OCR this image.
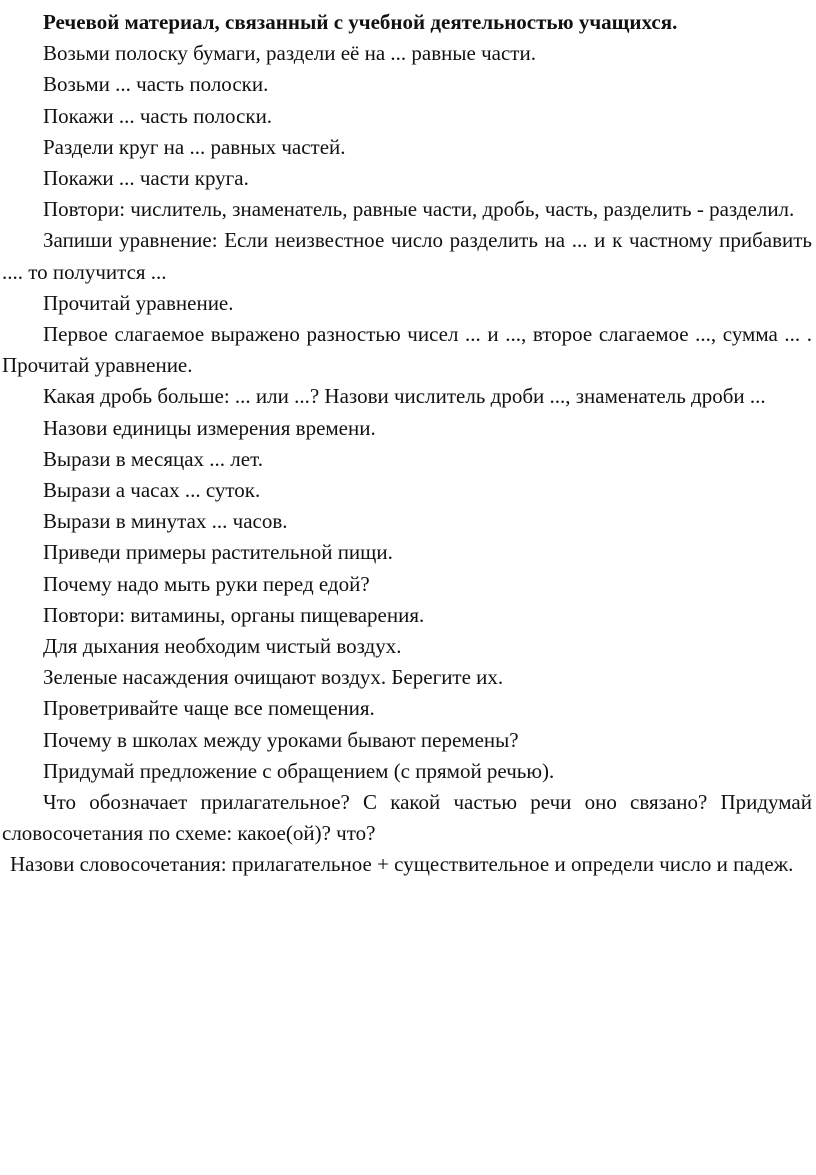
Речевой материал, связанный с учебной деятельностью учащихся.

Возьми полоску бумаги, раздели её на ... равные части.

Возьми ... часть полоски.

Покажи ... часть полоски.

Раздели круг на ... равных частей.

Покажи ... части круга.

Повтори: числитель, знаменатель, равные части, дробь, часть, разделить - разделил.

Запиши уравнение: Если неизвестное число разделить на ... и к частному прибавить .... то получится ...

Прочитай уравнение.

Первое слагаемое выражено разностью чисел ... и ..., второе слагаемое ..., сумма ... . Прочитай уравнение.

Какая дробь больше: ... или ...? Назови числитель дроби ..., знаменатель дроби ...

Назови единицы измерения времени.

Вырази в месяцах ... лет.

Вырази а часах ... суток.

Вырази в минутах ... часов.

Приведи примеры растительной пищи.

Почему надо мыть руки перед едой?

Повтори: витамины, органы пищеварения.

Для дыхания необходим чистый воздух.

Зеленые насаждения очищают воздух. Берегите их.

Проветривайте чаще все помещения.

Почему в школах между уроками бывают перемены?

Придумай предложение с обращением (с прямой речью).

Что обозначает прилагательное? С какой частью речи оно связано? Придумай словосочетания по схеме: какое(ой)? что?

Назови словосочетания: прилагательное + существительное и определи число и падеж.
